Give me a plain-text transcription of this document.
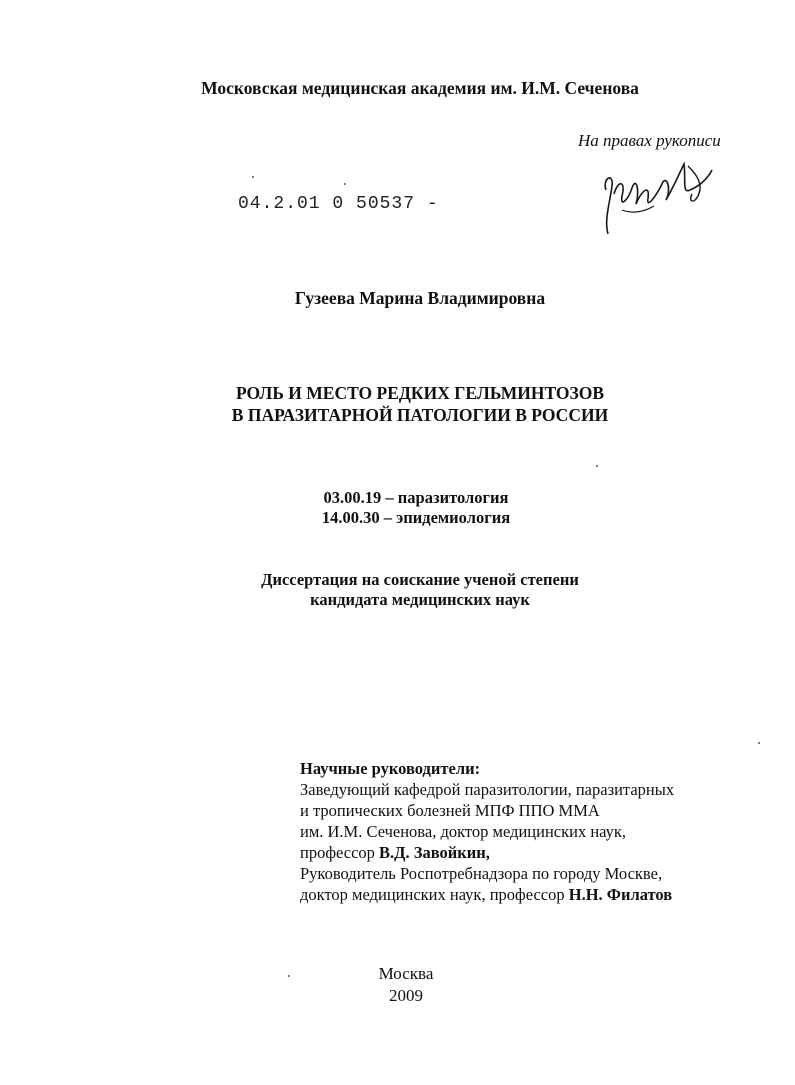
Московская медицинская академия им. И.М. Сеченова
На правах рукописи
04.2.01 0 50537 -
Гузеева Марина Владимировна
РОЛЬ И МЕСТО РЕДКИХ ГЕЛЬМИНТОЗОВ
В ПАРАЗИТАРНОЙ ПАТОЛОГИИ В РОССИИ
03.00.19 – паразитология
14.00.30 – эпидемиология
Диссертация на соискание ученой степени
кандидата медицинских наук
Научные руководители:
Заведующий кафедрой паразитологии, паразитарных
и тропических болезней МПФ ППО ММА
им. И.М. Сеченова, доктор медицинских наук,
профессор В.Д. Завойкин,
Руководитель Роспотребнадзора по городу Москве,
доктор медицинских наук, профессор Н.Н. Филатов
Москва
2009
